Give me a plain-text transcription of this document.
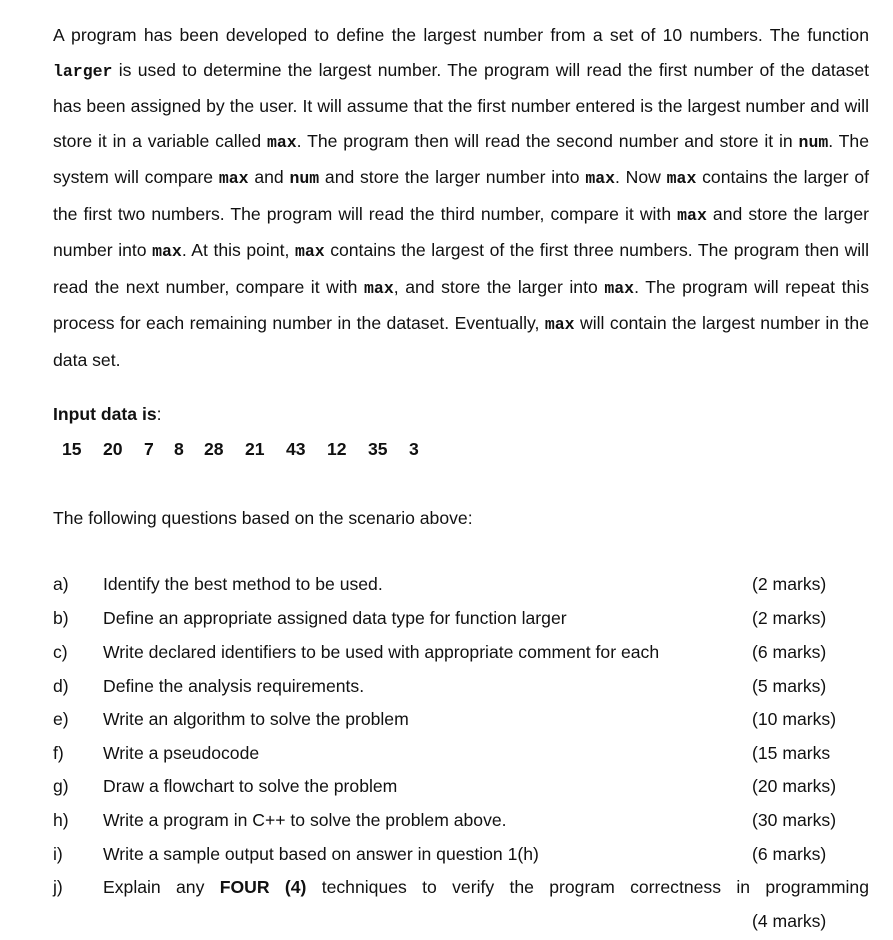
A program has been developed to define the largest number from a set of 10 numbers. The function larger is used to determine the largest number. The program will read the first number of the dataset has been assigned by the user. It will assume that the first number entered is the largest number and will store it in a variable called max. The program then will read the second number and store it in num. The system will compare max and num and store the larger number into max. Now max contains the larger of the first two numbers. The program will read the third number, compare it with max and store the larger number into max. At this point, max contains the largest of the first three numbers. The program then will read the next number, compare it with max, and store the larger into max. The program will repeat this process for each remaining number in the dataset. Eventually, max will contain the largest number in the data set.

Input data is:
15 20 7 8 28 21 43 12 35 3
The following questions based on the scenario above:
a) Identify the best method to be used.	(2 marks)
b) Define an appropriate assigned data type for function larger	(2 marks)
c) Write declared identifiers to be used with appropriate comment for each	(6 marks)
d) Define the analysis requirements.	(5 marks)
e) Write an algorithm to solve the problem	(10 marks)
f) Write a pseudocode	(15 marks
g) Draw a flowchart to solve the problem	(20 marks)
h) Write a program in C++ to solve the problem above.	(30 marks)
i) Write a sample output based on answer in question 1(h)	(6 marks)
j) Explain any FOUR (4) techniques to verify the program correctness in programming
(4 marks)
